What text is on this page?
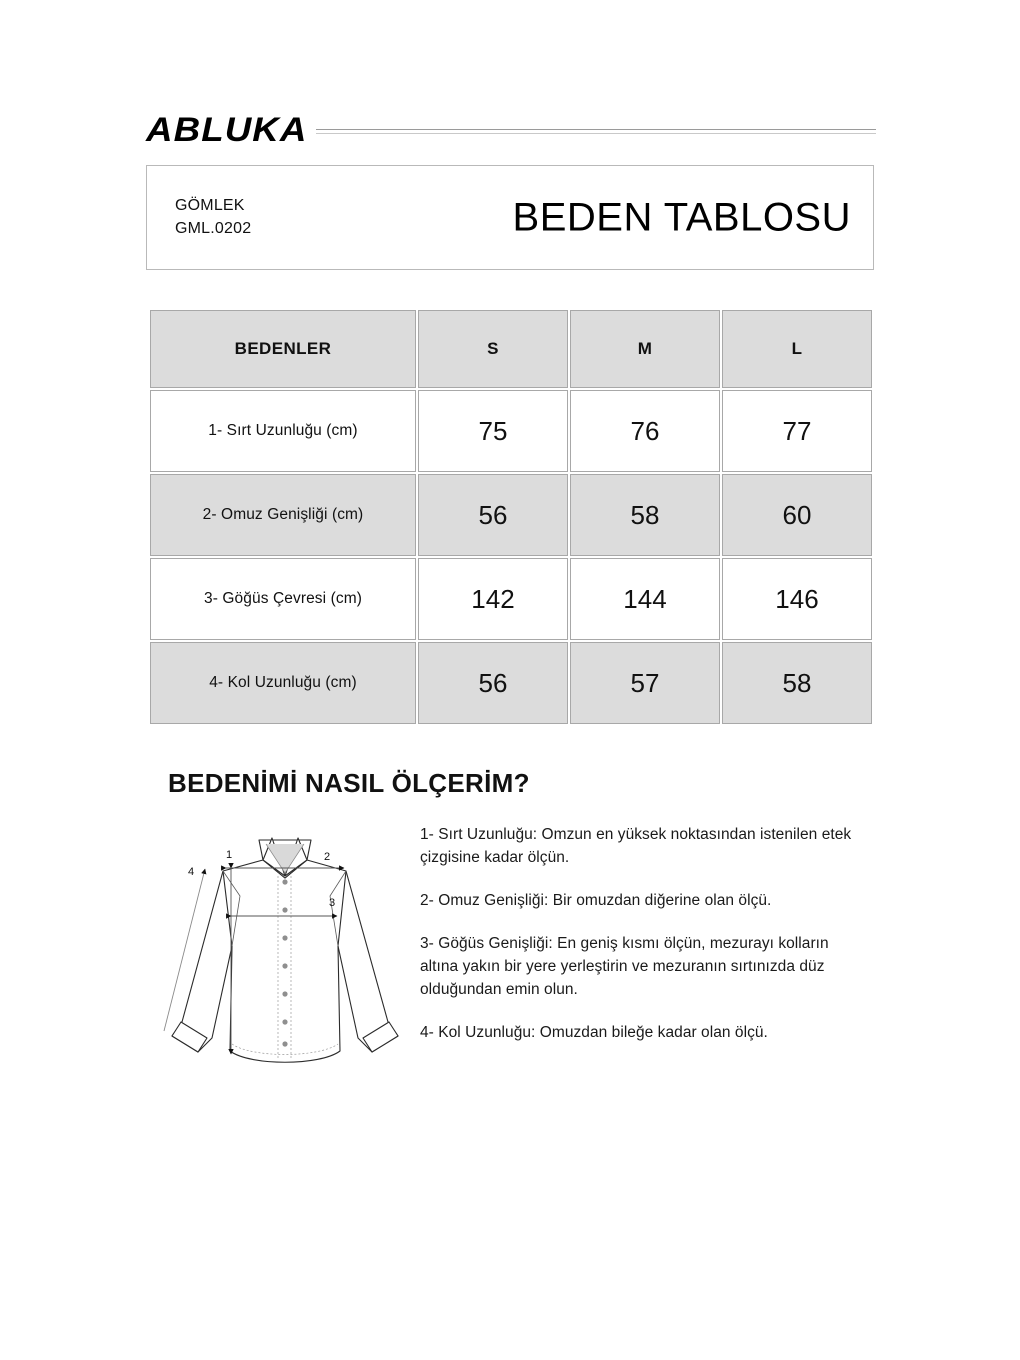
ABLUKA
GÖMLEK
GML.0202	BEDEN TABLOSU
BEDENLER	S	M	L
1- Sırt Uzunluğu (cm)	75	76	77
2- Omuz Genişliği (cm)	56	58	60
3- Göğüs Çevresi (cm)	142	144	146
4- Kol Uzunluğu (cm)	56	57	58
BEDENİMİ NASIL ÖLÇERİM?
1	2
3
4

1- Sırt Uzunluğu: Omzun en yüksek noktasından istenilen etek çizgisine kadar ölçün.

2- Omuz Genişliği: Bir omuzdan diğerine olan ölçü.

3- Göğüs Genişliği: En geniş kısmı ölçün, mezurayı kolların altına yakın bir yere yerleştirin ve mezuranın sırtınızda düz olduğundan emin olun.

4- Kol Uzunluğu: Omuzdan bileğe kadar olan ölçü.
